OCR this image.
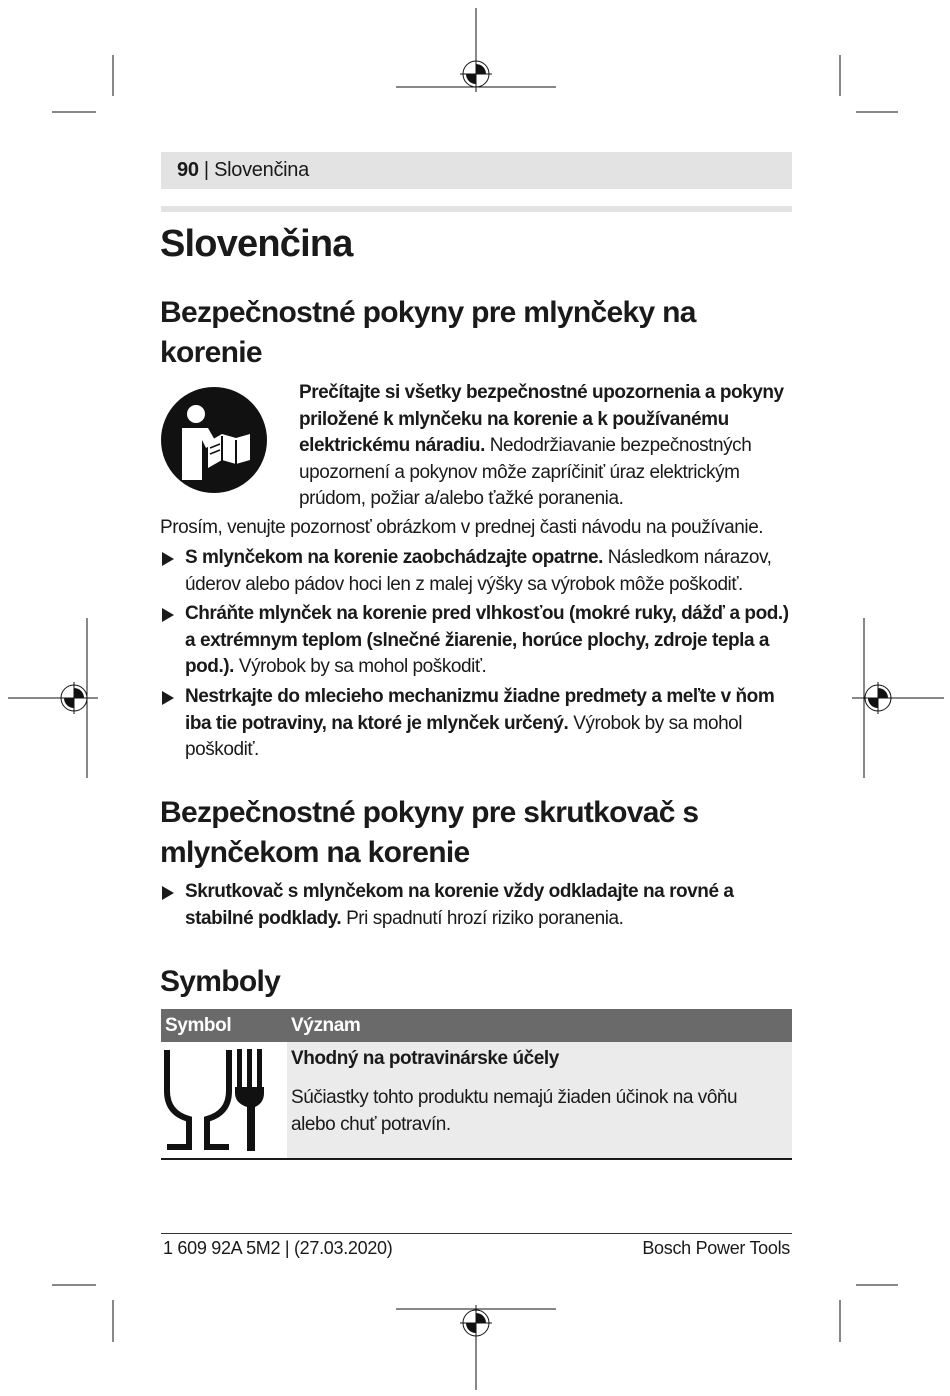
90 | Slovenčina
Slovenčina
Bezpečnostné pokyny pre mlynčeky na korenie
Prečítajte si všetky bezpečnostné upozornenia a pokyny priložené k mlynčeku na korenie a k používanému elektrickému náradiu. Nedodržiavanie bezpečnostných upozornení a pokynov môže zapríčiniť úraz elektrickým prúdom, požiar a/alebo ťažké poranenia.
Prosím, venujte pozornosť obrázkom v prednej časti návodu na používanie.
S mlynčekom na korenie zaobchádzajte opatrne. Následkom nárazov, úderov alebo pádov hoci len z malej výšky sa výrobok môže poškodiť.
Chráňte mlynček na korenie pred vlhkosťou (mokré ruky, dážď a pod.) a extrémnym teplom (slnečné žiarenie, horúce plochy, zdroje tepla a pod.). Výrobok by sa mohol poškodiť.
Nestrkajte do mlecieho mechanizmu žiadne predmety a meľte v ňom iba tie potraviny, na ktoré je mlynček určený. Výrobok by sa mohol poškodiť.
Bezpečnostné pokyny pre skrutkovač s mlynčekom na korenie
Skrutkovač s mlynčekom na korenie vždy odkladajte na rovné a stabilné podklady. Pri spadnutí hrozí riziko poranenia.
Symboly
Symbol	Význam
Vhodný na potravinárske účely
Súčiastky tohto produktu nemajú žiaden účinok na vôňu alebo chuť potravín.
1 609 92A 5M2 | (27.03.2020)	Bosch Power Tools
